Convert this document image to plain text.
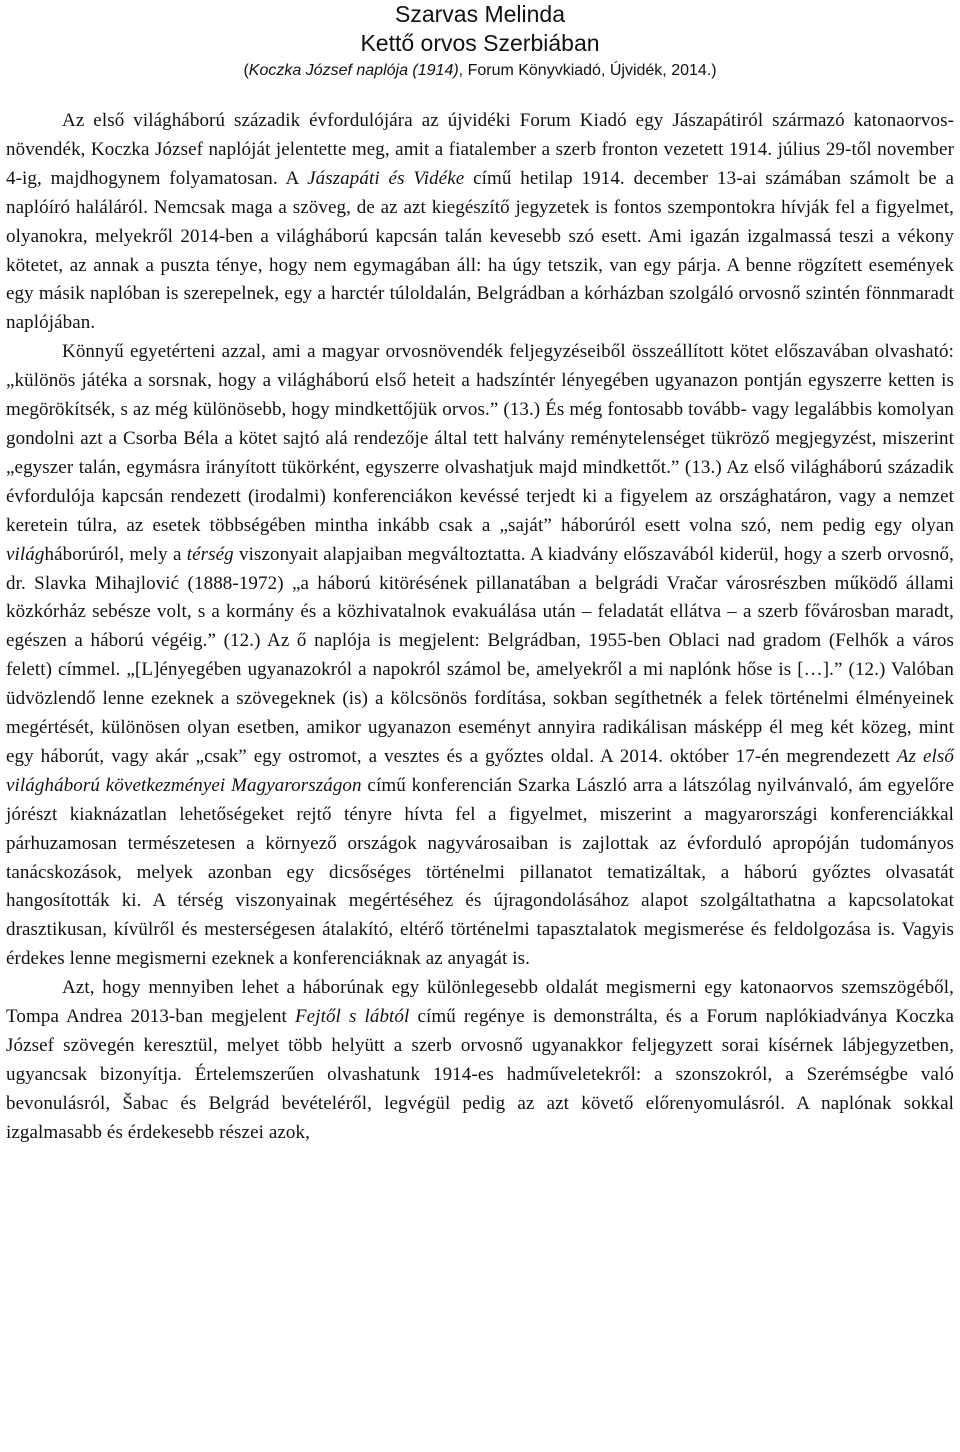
Szarvas Melinda
Kettő orvos Szerbiában
(Koczka József naplója (1914), Forum Könyvkiadó, Újvidék, 2014.)

Az első világháború századik évfordulójára az újvidéki Forum Kiadó egy Jászapátiról származó katonaorvos-növendék, Koczka József naplóját jelentette meg, amit a fiatalember a szerb fronton vezetett 1914. július 29-től november 4-ig, majdhogynem folyamatosan. A Jászapáti és Vidéke című hetilap 1914. december 13-ai számában számolt be a naplóíró haláláról. Nemcsak maga a szöveg, de az azt kiegészítő jegyzetek is fontos szempontokra hívják fel a figyelmet, olyanokra, melyekről 2014-ben a világháború kapcsán talán kevesebb szó esett. Ami igazán izgalmassá teszi a vékony kötetet, az annak a puszta ténye, hogy nem egymagában áll: ha úgy tetszik, van egy párja. A benne rögzített események egy másik naplóban is szerepelnek, egy a harctér túloldalán, Belgrádban a kórházban szolgáló orvosnő szintén fönnmaradt naplójában.

Könnyű egyetérteni azzal, ami a magyar orvosnövendék feljegyzéseiből összeállított kötet előszavában olvasható: „különös játéka a sorsnak, hogy a világháború első heteit a hadszíntér lényegében ugyanazon pontján egyszerre ketten is megörökítsék, s az még különösebb, hogy mindkettőjük orvos.” (13.) És még fontosabb tovább- vagy legalábbis komolyan gondolni azt a Csorba Béla a kötet sajtó alá rendezője által tett halvány reménytelenséget tükröző megjegyzést, miszerint „egyszer talán, egymásra irányított tükörként, egyszerre olvashatjuk majd mindkettőt.” (13.) Az első világháború századik évfordulója kapcsán rendezett (irodalmi) konferenciákon kevéssé terjedt ki a figyelem az országhatáron, vagy a nemzet keretein túlra, az esetek többségében mintha inkább csak a „saját” háborúról esett volna szó, nem pedig egy olyan világháborúról, mely a térség viszonyait alapjaiban megváltoztatta. A kiadvány előszavából kiderül, hogy a szerb orvosnő, dr. Slavka Mihajlović (1888-1972) „a háború kitörésének pillanatában a belgrádi Vračar városrészben működő állami közkórház sebésze volt, s a kormány és a közhivatalnok evakuálása után – feladatát ellátva – a szerb fővárosban maradt, egészen a háború végéig.” (12.) Az ő naplója is megjelent: Belgrádban, 1955-ben Oblaci nad gradom (Felhők a város felett) címmel. „[L]ényegében ugyanazokról a napokról számol be, amelyekről a mi naplónk hőse is […].” (12.) Valóban üdvözlendő lenne ezeknek a szövegeknek (is) a kölcsönös fordítása, sokban segíthetnék a felek történelmi élményeinek megértését, különösen olyan esetben, amikor ugyanazon eseményt annyira radikálisan másképp él meg két közeg, mint egy háborút, vagy akár „csak” egy ostromot, a vesztes és a győztes oldal. A 2014. október 17-én megrendezett Az első világháború következményei Magyarországon című konferencián Szarka László arra a látszólag nyilvánvaló, ám egyelőre jórészt kiaknázatlan lehetőségeket rejtő tényre hívta fel a figyelmet, miszerint a magyarországi konferenciákkal párhuzamosan természetesen a környező országok nagyvárosaiban is zajlottak az évforduló apropóján tudományos tanácskozások, melyek azonban egy dicsőséges történelmi pillanatot tematizáltak, a háború győztes olvasatát hangosították ki. A térség viszonyainak megértéséhez és újragondolásához alapot szolgáltathatna a kapcsolatokat drasztikusan, kívülről és mesterségesen átalakító, eltérő történelmi tapasztalatok megismerése és feldolgozása is. Vagyis érdekes lenne megismerni ezeknek a konferenciáknak az anyagát is.

Azt, hogy mennyiben lehet a háborúnak egy különlegesebb oldalát megismerni egy katonaorvos szemszögéből, Tompa Andrea 2013-ban megjelent Fejtől s lábtól című regénye is demonstrálta, és a Forum naplókiadványa Koczka József szövegén keresztül, melyet több helyütt a szerb orvosnő ugyanakkor feljegyzett sorai kísérnek lábjegyzetben, ugyancsak bizonyítja. Értelemszerűen olvashatunk 1914-es hadműveletekről: a szonszokról, a Szerémségbe való bevonulásról, Šabac és Belgrád bevételéről, legvégül pedig az azt követő előrenyomulásról. A naplónak sokkal izgalmasabb és érdekesebb részei azok,
